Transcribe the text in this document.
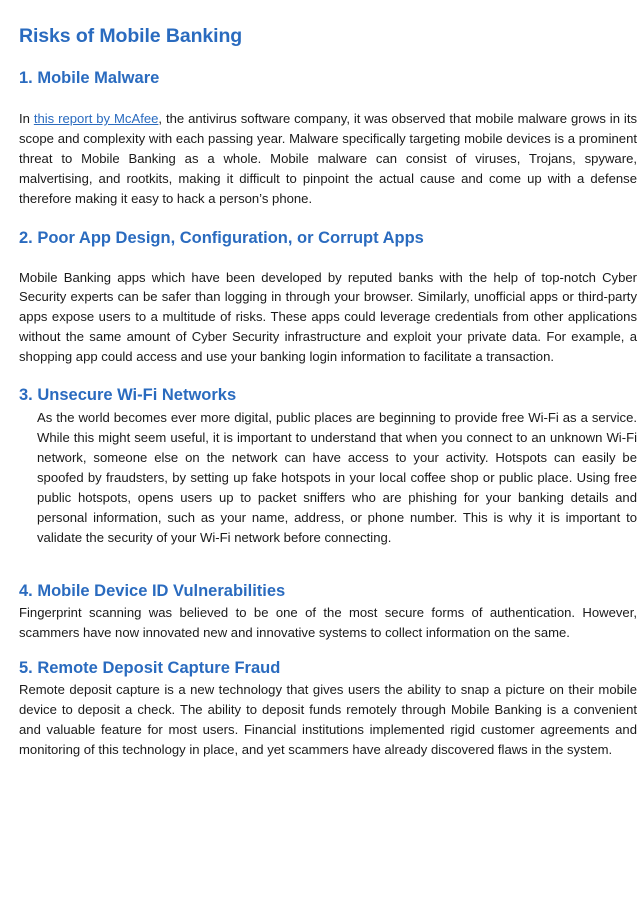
Risks of Mobile Banking
1. Mobile Malware

In this report by McAfee, the antivirus software company, it was observed that mobile malware grows in its scope and complexity with each passing year. Malware specifically targeting mobile devices is a prominent threat to Mobile Banking as a whole. Mobile malware can consist of viruses, Trojans, spyware, malvertising, and rootkits, making it difficult to pinpoint the actual cause and come up with a defense therefore making it easy to hack a person’s phone.

2. Poor App Design, Configuration, or Corrupt Apps

Mobile Banking apps which have been developed by reputed banks with the help of top-notch Cyber Security experts can be safer than logging in through your browser. Similarly, unofficial apps or third-party apps expose users to a multitude of risks. These apps could leverage credentials from other applications without the same amount of Cyber Security infrastructure and exploit your private data. For example, a shopping app could access and use your banking login information to facilitate a transaction.

3. Unsecure Wi-Fi Networks

As the world becomes ever more digital, public places are beginning to provide free Wi-Fi as a service. While this might seem useful, it is important to understand that when you connect to an unknown Wi-Fi network, someone else on the network can have access to your activity. Hotspots can easily be spoofed by fraudsters, by setting up fake hotspots in your local coffee shop or public place. Using free public hotspots, opens users up to packet sniffers who are phishing for your banking details and personal information, such as your name, address, or phone number. This is why it is important to validate the security of your Wi-Fi network before connecting.

4. Mobile Device ID Vulnerabilities

Fingerprint scanning was believed to be one of the most secure forms of authentication. However, scammers have now innovated new and innovative systems to collect information on the same.

5. Remote Deposit Capture Fraud

Remote deposit capture is a new technology that gives users the ability to snap a picture on their mobile device to deposit a check. The ability to deposit funds remotely through Mobile Banking is a convenient and valuable feature for most users. Financial institutions implemented rigid customer agreements and monitoring of this technology in place, and yet scammers have already discovered flaws in the system.
